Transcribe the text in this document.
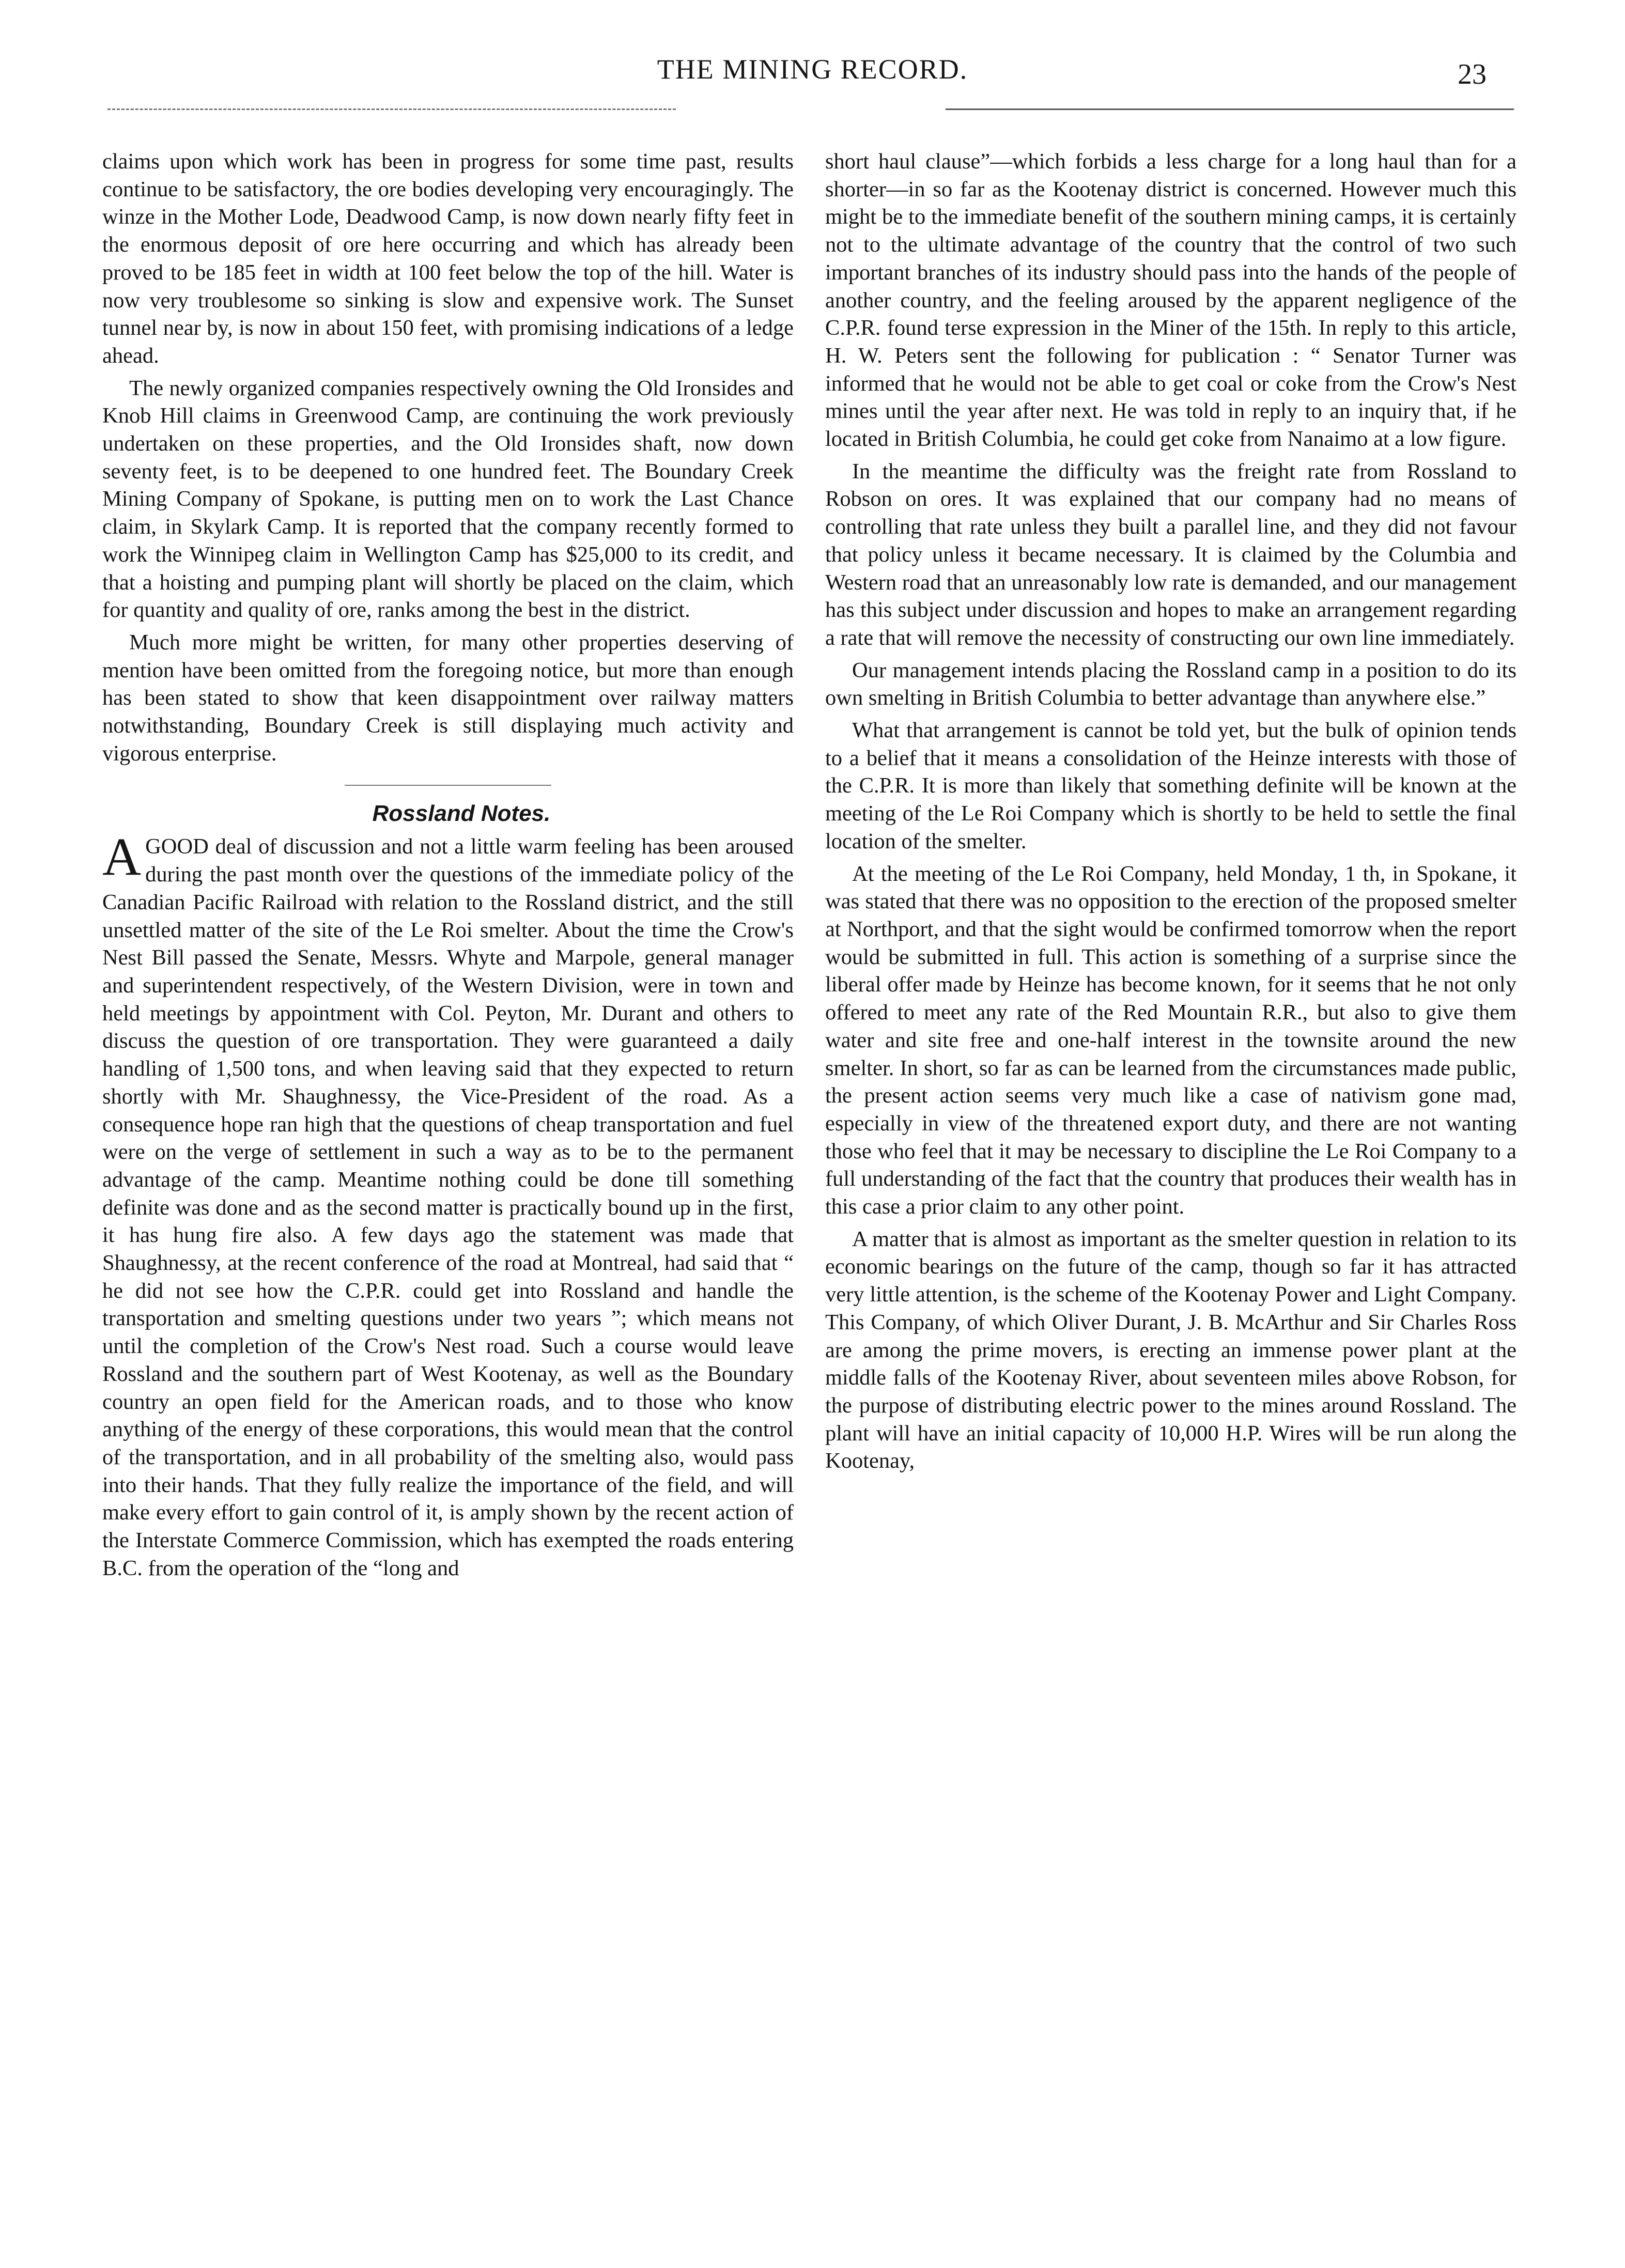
THE MINING RECORD.	23

claims upon which work has been in progress for some time past, results continue to be satisfactory, the ore bodies developing very encouragingly. The winze in the Mother Lode, Deadwood Camp, is now down nearly fifty feet in the enormous deposit of ore here occurring and which has already been proved to be 185 feet in width at 100 feet below the top of the hill. Water is now very troublesome so sinking is slow and expensive work. The Sunset tunnel near by, is now in about 150 feet, with promising indications of a ledge ahead.

The newly organized companies respectively owning the Old Ironsides and Knob Hill claims in Greenwood Camp, are continuing the work previously undertaken on these properties, and the Old Ironsides shaft, now down seventy feet, is to be deepened to one hundred feet. The Boundary Creek Mining Company of Spokane, is putting men on to work the Last Chance claim, in Skylark Camp. It is reported that the company recently formed to work the Winnipeg claim in Wellington Camp has $25,000 to its credit, and that a hoisting and pumping plant will shortly be placed on the claim, which for quantity and quality of ore, ranks among the best in the district.

Much more might be written, for many other properties deserving of mention have been omitted from the foregoing notice, but more than enough has been stated to show that keen disappointment over railway matters notwithstanding, Boundary Creek is still displaying much activity and vigorous enterprise.

Rossland Notes.

AGOOD deal of discussion and not a little warm feeling has been aroused during the past month over the questions of the immediate policy of the Canadian Pacific Railroad with relation to the Rossland district, and the still unsettled matter of the site of the Le Roi smelter. About the time the Crow's Nest Bill passed the Senate, Messrs. Whyte and Marpole, general manager and superintendent respectively, of the Western Division, were in town and held meetings by appointment with Col. Peyton, Mr. Durant and others to discuss the question of ore transportation. They were guaranteed a daily handling of 1,500 tons, and when leaving said that they expected to return shortly with Mr. Shaughnessy, the Vice-President of the road. As a consequence hope ran high that the questions of cheap transportation and fuel were on the verge of settlement in such a way as to be to the permanent advantage of the camp. Meantime nothing could be done till something definite was done and as the second matter is practically bound up in the first, it has hung fire also. A few days ago the statement was made that Shaughnessy, at the recent conference of the road at Montreal, had said that “ he did not see how the C.P.R. could get into Rossland and handle the transportation and smelting questions under two years ”; which means not until the completion of the Crow's Nest road. Such a course would leave Rossland and the southern part of West Kootenay, as well as the Boundary country an open field for the American roads, and to those who know anything of the energy of these corporations, this would mean that the control of the transportation, and in all probability of the smelting also, would pass into their hands. That they fully realize the importance of the field, and will make every effort to gain control of it, is amply shown by the recent action of the Interstate Commerce Commission, which has exempted the roads entering B.C. from the operation of the “long and

short haul clause”—which forbids a less charge for a long haul than for a shorter—in so far as the Kootenay district is concerned. However much this might be to the immediate benefit of the southern mining camps, it is certainly not to the ultimate advantage of the country that the control of two such important branches of its industry should pass into the hands of the people of another country, and the feeling aroused by the apparent negligence of the C.P.R. found terse expression in the Miner of the 15th. In reply to this article, H. W. Peters sent the following for publication : “ Senator Turner was informed that he would not be able to get coal or coke from the Crow's Nest mines until the year after next. He was told in reply to an inquiry that, if he located in British Columbia, he could get coke from Nanaimo at a low figure.

In the meantime the difficulty was the freight rate from Rossland to Robson on ores. It was explained that our company had no means of controlling that rate unless they built a parallel line, and they did not favour that policy unless it became necessary. It is claimed by the Columbia and Western road that an unreasonably low rate is demanded, and our management has this subject under discussion and hopes to make an arrangement regarding a rate that will remove the necessity of constructing our own line immediately.

Our management intends placing the Rossland camp in a position to do its own smelting in British Columbia to better advantage than anywhere else.”

What that arrangement is cannot be told yet, but the bulk of opinion tends to a belief that it means a consolidation of the Heinze interests with those of the C.P.R. It is more than likely that something definite will be known at the meeting of the Le Roi Company which is shortly to be held to settle the final location of the smelter.

At the meeting of the Le Roi Company, held Monday, 1 th, in Spokane, it was stated that there was no opposition to the erection of the proposed smelter at Northport, and that the sight would be confirmed tomorrow when the report would be submitted in full. This action is something of a surprise since the liberal offer made by Heinze has become known, for it seems that he not only offered to meet any rate of the Red Mountain R.R., but also to give them water and site free and one-half interest in the townsite around the new smelter. In short, so far as can be learned from the circumstances made public, the present action seems very much like a case of nativism gone mad, especially in view of the threatened export duty, and there are not wanting those who feel that it may be necessary to discipline the Le Roi Company to a full understanding of the fact that the country that produces their wealth has in this case a prior claim to any other point.

A matter that is almost as important as the smelter question in relation to its economic bearings on the future of the camp, though so far it has attracted very little attention, is the scheme of the Kootenay Power and Light Company. This Company, of which Oliver Durant, J. B. McArthur and Sir Charles Ross are among the prime movers, is erecting an immense power plant at the middle falls of the Kootenay River, about seventeen miles above Robson, for the purpose of distributing electric power to the mines around Rossland. The plant will have an initial capacity of 10,000 H.P. Wires will be run along the Kootenay,
